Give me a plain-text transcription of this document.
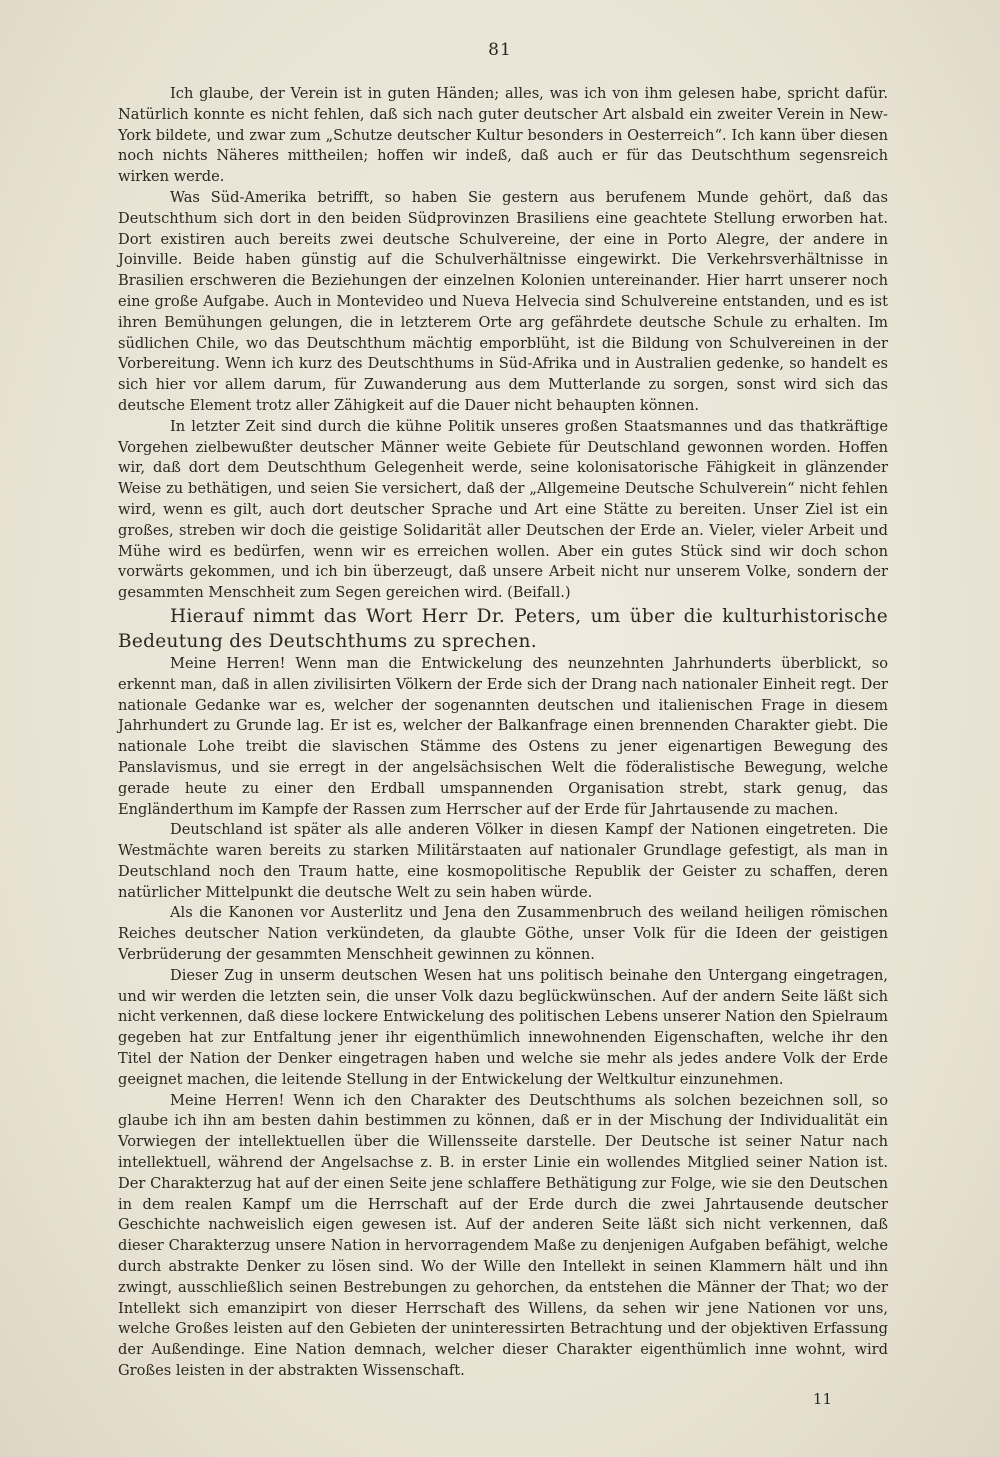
81

Ich glaube, der Verein ist in guten Händen; alles, was ich von ihm gelesen habe, spricht dafür. Natürlich konnte es nicht fehlen, daß sich nach guter deutscher Art alsbald ein zweiter Verein in New-York bildete, und zwar zum „Schutze deutscher Kultur besonders in Oesterreich“. Ich kann über diesen noch nichts Näheres mittheilen; hoffen wir indeß, daß auch er für das Deutschthum segensreich wirken werde.

Was Süd-Amerika betrifft, so haben Sie gestern aus berufenem Munde gehört, daß das Deutschthum sich dort in den beiden Südprovinzen Brasiliens eine geachtete Stellung erworben hat. Dort existiren auch bereits zwei deutsche Schulvereine, der eine in Porto Alegre, der andere in Joinville. Beide haben günstig auf die Schulverhältnisse eingewirkt. Die Verkehrsverhältnisse in Brasilien erschweren die Beziehungen der einzelnen Kolonien untereinander. Hier harrt unserer noch eine große Aufgabe. Auch in Montevideo und Nueva Helvecia sind Schulvereine entstanden, und es ist ihren Bemühungen gelungen, die in letzterem Orte arg gefährdete deutsche Schule zu erhalten. Im südlichen Chile, wo das Deutschthum mächtig emporblüht, ist die Bildung von Schulvereinen in der Vorbereitung. Wenn ich kurz des Deutschthums in Süd-Afrika und in Australien gedenke, so handelt es sich hier vor allem darum, für Zuwanderung aus dem Mutterlande zu sorgen, sonst wird sich das deutsche Element trotz aller Zähigkeit auf die Dauer nicht behaupten können.

In letzter Zeit sind durch die kühne Politik unseres großen Staatsmannes und das thatkräftige Vorgehen zielbewußter deutscher Männer weite Gebiete für Deutschland gewonnen worden. Hoffen wir, daß dort dem Deutschthum Gelegenheit werde, seine kolonisatorische Fähigkeit in glänzender Weise zu bethätigen, und seien Sie versichert, daß der „Allgemeine Deutsche Schulverein“ nicht fehlen wird, wenn es gilt, auch dort deutscher Sprache und Art eine Stätte zu bereiten. Unser Ziel ist ein großes, streben wir doch die geistige Solidarität aller Deutschen der Erde an. Vieler, vieler Arbeit und Mühe wird es bedürfen, wenn wir es erreichen wollen. Aber ein gutes Stück sind wir doch schon vorwärts gekommen, und ich bin überzeugt, daß unsere Arbeit nicht nur unserem Volke, sondern der gesammten Menschheit zum Segen gereichen wird. (Beifall.)

Hierauf nimmt das Wort Herr Dr. Peters, um über die kulturhistorische Bedeutung des Deutschthums zu sprechen.

Meine Herren! Wenn man die Entwickelung des neunzehnten Jahrhunderts überblickt, so erkennt man, daß in allen zivilisirten Völkern der Erde sich der Drang nach nationaler Einheit regt. Der nationale Gedanke war es, welcher der sogenannten deutschen und italienischen Frage in diesem Jahrhundert zu Grunde lag. Er ist es, welcher der Balkanfrage einen brennenden Charakter giebt. Die nationale Lohe treibt die slavischen Stämme des Ostens zu jener eigenartigen Bewegung des Panslavismus, und sie erregt in der angelsächsischen Welt die föderalistische Bewegung, welche gerade heute zu einer den Erdball umspannenden Organisation strebt, stark genug, das Engländerthum im Kampfe der Rassen zum Herrscher auf der Erde für Jahrtausende zu machen.

Deutschland ist später als alle anderen Völker in diesen Kampf der Nationen eingetreten. Die Westmächte waren bereits zu starken Militärstaaten auf nationaler Grundlage gefestigt, als man in Deutschland noch den Traum hatte, eine kosmopolitische Republik der Geister zu schaffen, deren natürlicher Mittelpunkt die deutsche Welt zu sein haben würde.

Als die Kanonen vor Austerlitz und Jena den Zusammenbruch des weiland heiligen römischen Reiches deutscher Nation verkündeten, da glaubte Göthe, unser Volk für die Ideen der geistigen Verbrüderung der gesammten Menschheit gewinnen zu können.

Dieser Zug in unserm deutschen Wesen hat uns politisch beinahe den Untergang eingetragen, und wir werden die letzten sein, die unser Volk dazu beglückwünschen. Auf der andern Seite läßt sich nicht verkennen, daß diese lockere Entwickelung des politischen Lebens unserer Nation den Spielraum gegeben hat zur Entfaltung jener ihr eigenthümlich innewohnenden Eigenschaften, welche ihr den Titel der Nation der Denker eingetragen haben und welche sie mehr als jedes andere Volk der Erde geeignet machen, die leitende Stellung in der Entwickelung der Weltkultur einzunehmen.

Meine Herren! Wenn ich den Charakter des Deutschthums als solchen bezeichnen soll, so glaube ich ihn am besten dahin bestimmen zu können, daß er in der Mischung der Individualität ein Vorwiegen der intellektuellen über die Willensseite darstelle. Der Deutsche ist seiner Natur nach intellektuell, während der Angelsachse z. B. in erster Linie ein wollendes Mitglied seiner Nation ist. Der Charakterzug hat auf der einen Seite jene schlaffere Bethätigung zur Folge, wie sie den Deutschen in dem realen Kampf um die Herrschaft auf der Erde durch die zwei Jahrtausende deutscher Geschichte nachweislich eigen gewesen ist. Auf der anderen Seite läßt sich nicht verkennen, daß dieser Charakterzug unsere Nation in hervorragendem Maße zu denjenigen Aufgaben befähigt, welche durch abstrakte Denker zu lösen sind. Wo der Wille den Intellekt in seinen Klammern hält und ihn zwingt, ausschließlich seinen Bestrebungen zu gehorchen, da entstehen die Männer der That; wo der Intellekt sich emanzipirt von dieser Herrschaft des Willens, da sehen wir jene Nationen vor uns, welche Großes leisten auf den Gebieten der uninteressirten Betrachtung und der objektiven Erfassung der Außendinge. Eine Nation demnach, welcher dieser Charakter eigenthümlich inne wohnt, wird Großes leisten in der abstrakten Wissenschaft.

11
